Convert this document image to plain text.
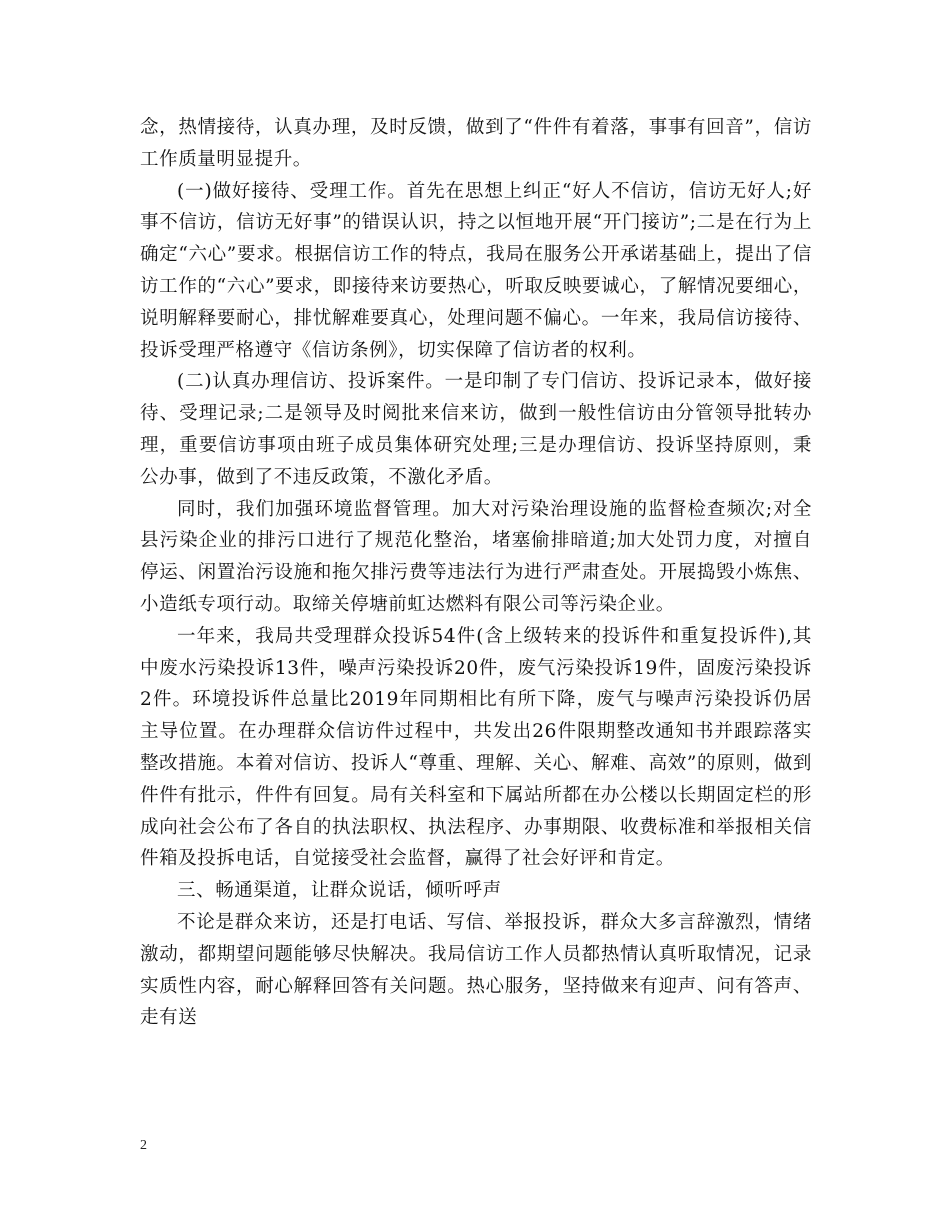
念，热情接待，认真办理，及时反馈，做到了“件件有着落，事事有回音”，信访工作质量明显提升。

(一)做好接待、受理工作。首先在思想上纠正“好人不信访，信访无好人;好事不信访，信访无好事”的错误认识，持之以恒地开展“开门接访”;二是在行为上确定“六心”要求。根据信访工作的特点，我局在服务公开承诺基础上，提出了信访工作的“六心”要求，即接待来访要热心，听取反映要诚心，了解情况要细心，说明解释要耐心，排忧解难要真心，处理问题不偏心。一年来，我局信访接待、投诉受理严格遵守《信访条例》，切实保障了信访者的权利。

(二)认真办理信访、投诉案件。一是印制了专门信访、投诉记录本，做好接待、受理记录;二是领导及时阅批来信来访，做到一般性信访由分管领导批转办理，重要信访事项由班子成员集体研究处理;三是办理信访、投诉坚持原则，秉公办事，做到了不违反政策，不激化矛盾。

同时，我们加强环境监督管理。加大对污染治理设施的监督检查频次;对全县污染企业的排污口进行了规范化整治，堵塞偷排暗道;加大处罚力度，对擅自停运、闲置治污设施和拖欠排污费等违法行为进行严肃查处。开展捣毁小炼焦、小造纸专项行动。取缔关停塘前虹达燃料有限公司等污染企业。

一年来，我局共受理群众投诉54件(含上级转来的投诉件和重复投诉件),其中废水污染投诉13件，噪声污染投诉20件，废气污染投诉19件，固废污染投诉 2件。环境投诉件总量比2019年同期相比有所下降，废气与噪声污染投诉仍居主导位置。在办理群众信访件过程中，共发出26件限期整改通知书并跟踪落实整改措施。本着对信访、投诉人“尊重、理解、关心、解难、高效”的原则，做到件件有批示，件件有回复。局有关科室和下属站所都在办公楼以长期固定栏的形成向社会公布了各自的执法职权、执法程序、办事期限、收费标准和举报相关信件箱及投拆电话，自觉接受社会监督，赢得了社会好评和肯定。

三、畅通渠道，让群众说话，倾听呼声

不论是群众来访，还是打电话、写信、举报投诉，群众大多言辞激烈，情绪激动，都期望问题能够尽快解决。我局信访工作人员都热情认真听取情况，记录实质性内容，耐心解释回答有关问题。热心服务，坚持做来有迎声、问有答声、走有送

2
